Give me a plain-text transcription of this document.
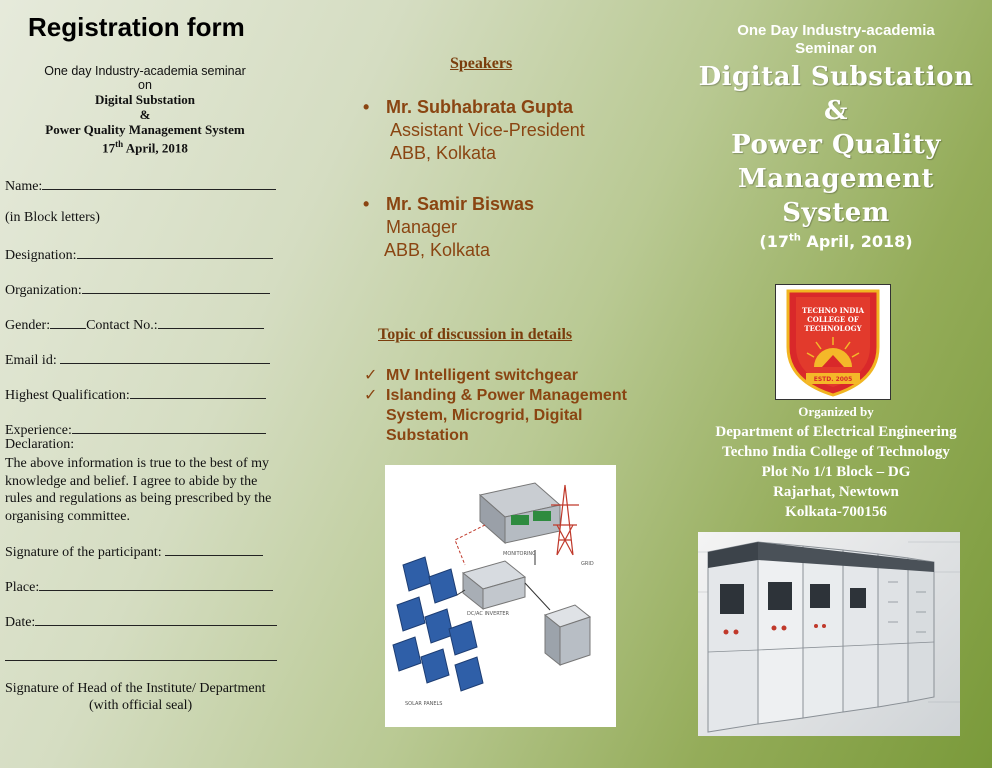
Registration form
One day Industry-academia seminar
on
Digital Substation
&
Power Quality Management System
17th April, 2018
Name:
(in Block letters)
Designation:
Organization:
Gender:	Contact No.:
Email id:
Highest Qualification:
Experience:
Declaration:
The above information is true to the best of my knowledge and belief. I agree to abide by the rules and regulations as being prescribed by the organising committee.
Signature of the participant:
Place:
Date:
Signature of Head of the Institute/ Department
(with official seal)
Speakers
• Mr. Subhabrata Gupta
Assistant Vice-President
ABB, Kolkata
• Mr. Samir Biswas
Manager
ABB, Kolkata
Topic of discussion in details
✓ MV Intelligent switchgear
✓ Islanding & Power Management System, Microgrid, Digital Substation
SOLAR PANELS
DC/AC INVERTER
MONITORING
GRID
One Day Industry-academia
Seminar on
Digital Substation
&
Power Quality
Management
System
(17th April, 2018)
TECHNO INDIA
COLLEGE OF
TECHNOLOGY
ESTD. 2005
Organized by
Department of Electrical Engineering
Techno India College of Technology
Plot No 1/1 Block – DG
Rajarhat, Newtown
Kolkata-700156
